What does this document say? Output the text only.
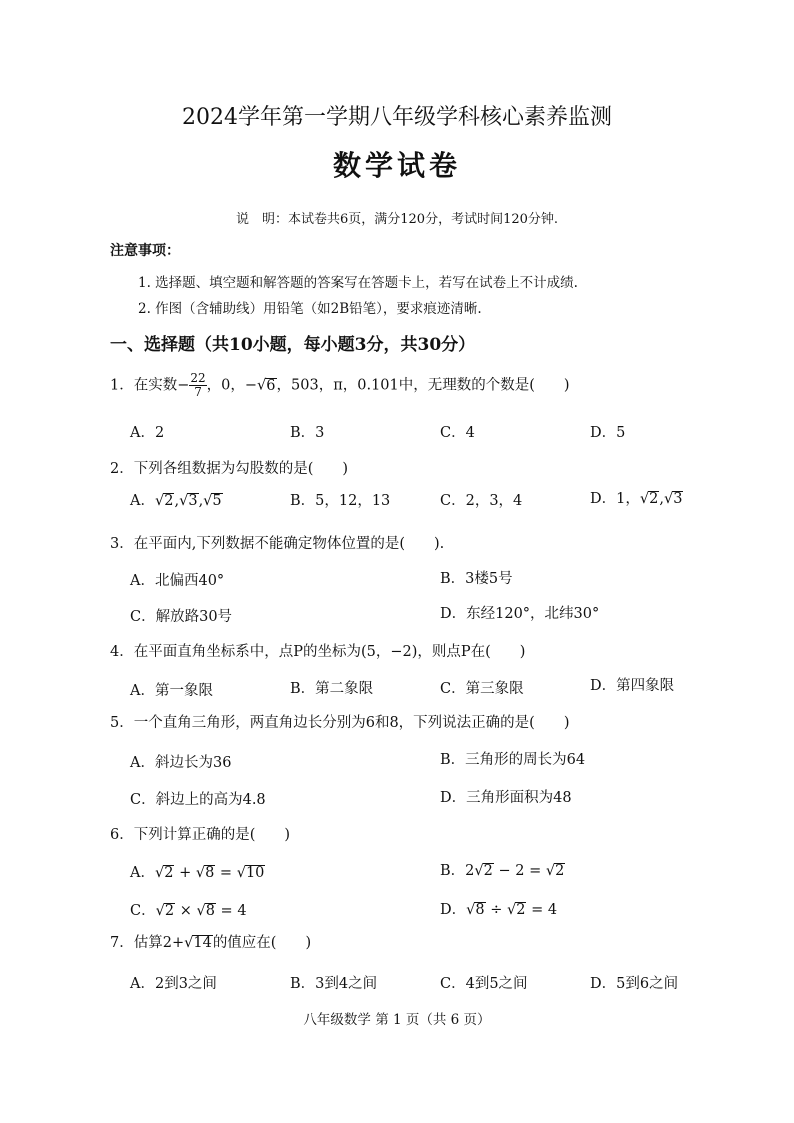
2024学年第一学期八年级学科核心素养监测
数学试卷
说　明：本试卷共6页，满分120分，考试时间120分钟.
注意事项：
1. 选择题、填空题和解答题的答案写在答题卡上，若写在试卷上不计成绩.
2. 作图（含辅助线）用铅笔（如2B铅笔），要求痕迹清晰.
一、选择题（共10小题，每小题3分，共30分）
1．在实数− $\frac{22}{7}$ ，0，−√6，503，π，0.101中，无理数的个数是(　　)
A．2	B．3	C．4	D．5
2．下列各组数据为勾股数的是(　　)
A．√2,√3,√5	B．5，12，13	C．2，3，4	D．1，√2,√3
3．在平面内,下列数据不能确定物体位置的是(　　).
A．北偏西40°	B．3楼5号
C．解放路30号	D．东经120°，北纬30°
4．在平面直角坐标系中，点P的坐标为(5，−2)，则点P在(　　)
A．第一象限	B．第二象限	C．第三象限	D．第四象限
5．一个直角三角形，两直角边长分别为6和8，下列说法正确的是(　　)
A．斜边长为36	B．三角形的周长为64
C．斜边上的高为4.8	D．三角形面积为48
6．下列计算正确的是(　　)
A．√2 + √8 = √10	B．2√2 − 2 = √2
C．√2 × √8 = 4	D．√8 ÷ √2 = 4
7．估算2+√14的值应在(　　)
A．2到3之间	B．3到4之间	C．4到5之间	D．5到6之间
八年级数学 第 1 页（共 6 页）
